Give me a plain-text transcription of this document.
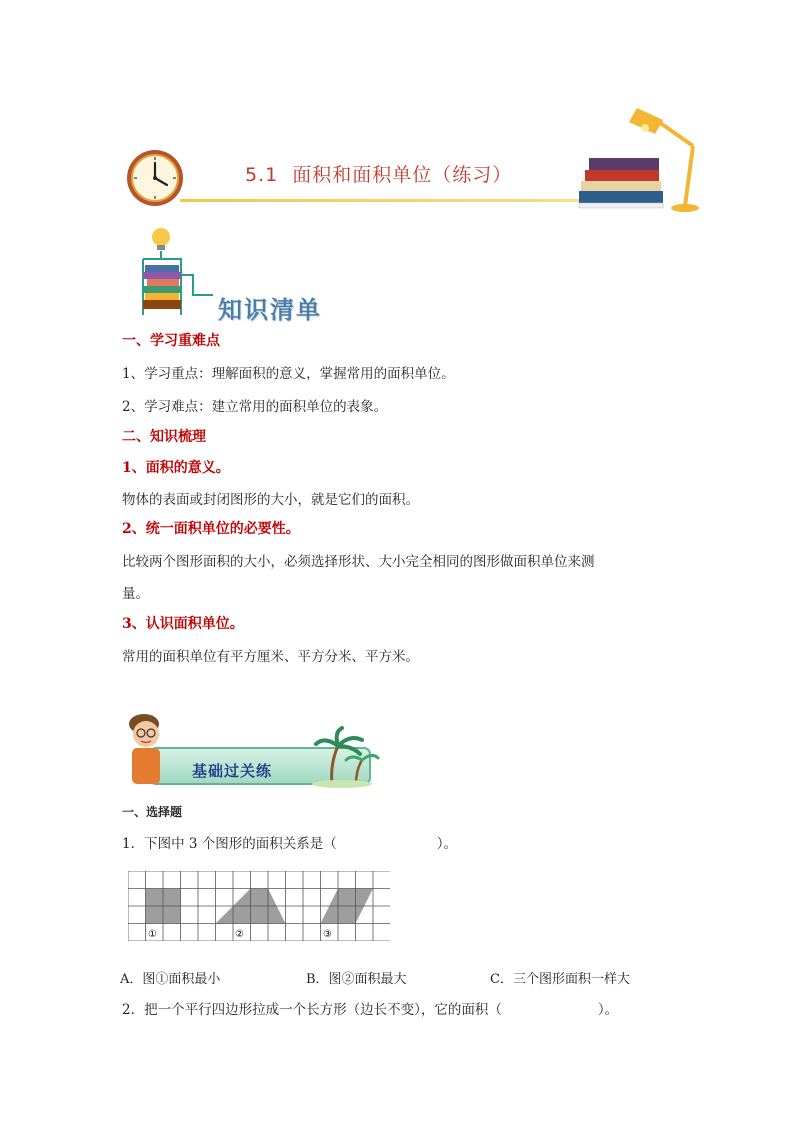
5.1 面积和面积单位（练习）
知识清单
一、学习重难点
1、学习重点：理解面积的意义，掌握常用的面积单位。
2、学习难点：建立常用的面积单位的表象。
二、知识梳理
1、面积的意义。
物体的表面或封闭图形的大小，就是它们的面积。
2、统一面积单位的必要性。
比较两个图形面积的大小，必须选择形状、大小完全相同的图形做面积单位来测
量。
3、认识面积单位。
常用的面积单位有平方厘米、平方分米、平方米。
基础过关练
一、选择题
1．下图中 3 个图形的面积关系是（	）。
①	②	③
A．图①面积最小	B．图②面积最大	C．三个图形面积一样大
2．把一个平行四边形拉成一个长方形（边长不变），它的面积（	）。
